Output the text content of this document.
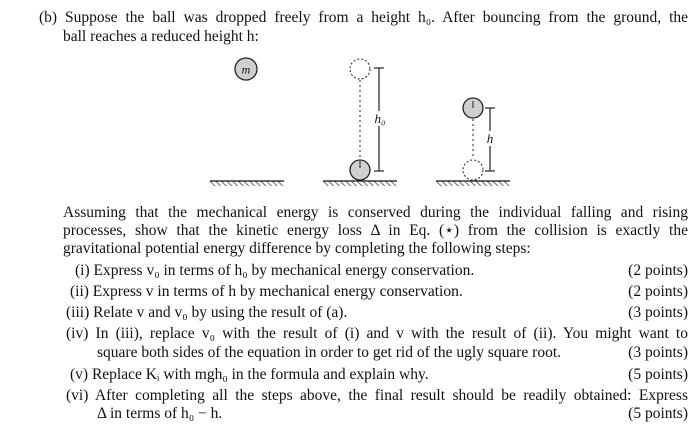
(b) Suppose the ball was dropped freely from a height h₀. After bouncing from the ground, the
ball reaches a reduced height h:
m
h₀
h
Assuming that the mechanical energy is conserved during the individual falling and rising
processes, show that the kinetic energy loss Δ in Eq. (⋆) from the collision is exactly the
gravitational potential energy difference by completing the following steps:
(i) Express v₀ in terms of h₀ by mechanical energy conservation.	(2 points)
(ii) Express v in terms of h by mechanical energy conservation.	(2 points)
(iii) Relate v and v₀ by using the result of (a).	(3 points)
(iv) In (iii), replace v₀ with the result of (i) and v with the result of (ii). You might want to
square both sides of the equation in order to get rid of the ugly square root.	(3 points)
(v) Replace Kᵢ with mgh₀ in the formula and explain why.	(5 points)
(vi) After completing all the steps above, the final result should be readily obtained: Express
Δ in terms of h₀ − h.	(5 points)
